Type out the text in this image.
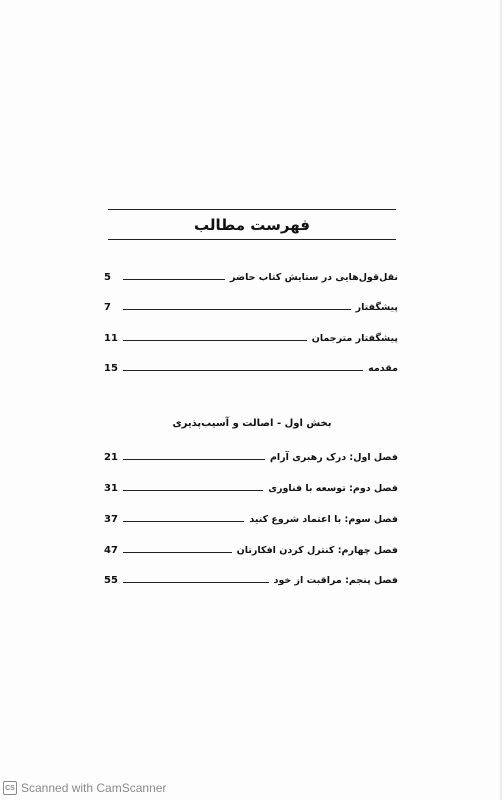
فهرست مطالب
نقل‌قول‌هایی در ستایش کتاب حاضر
5
پیشگفتار
7
پیشگفتار مترجمان
11
مقدمه
15
بخش اول - اصالت و آسیب‌پذیری
فصل اول: درک رهبری آرام
21
فصل دوم: توسعه با فناوری
31
فصل سوم: با اعتماد شروع کنید
37
فصل چهارم: کنترل کردن افکارتان
47
فصل پنجم: مراقبت از خود
55
CS Scanned with CamScanner
